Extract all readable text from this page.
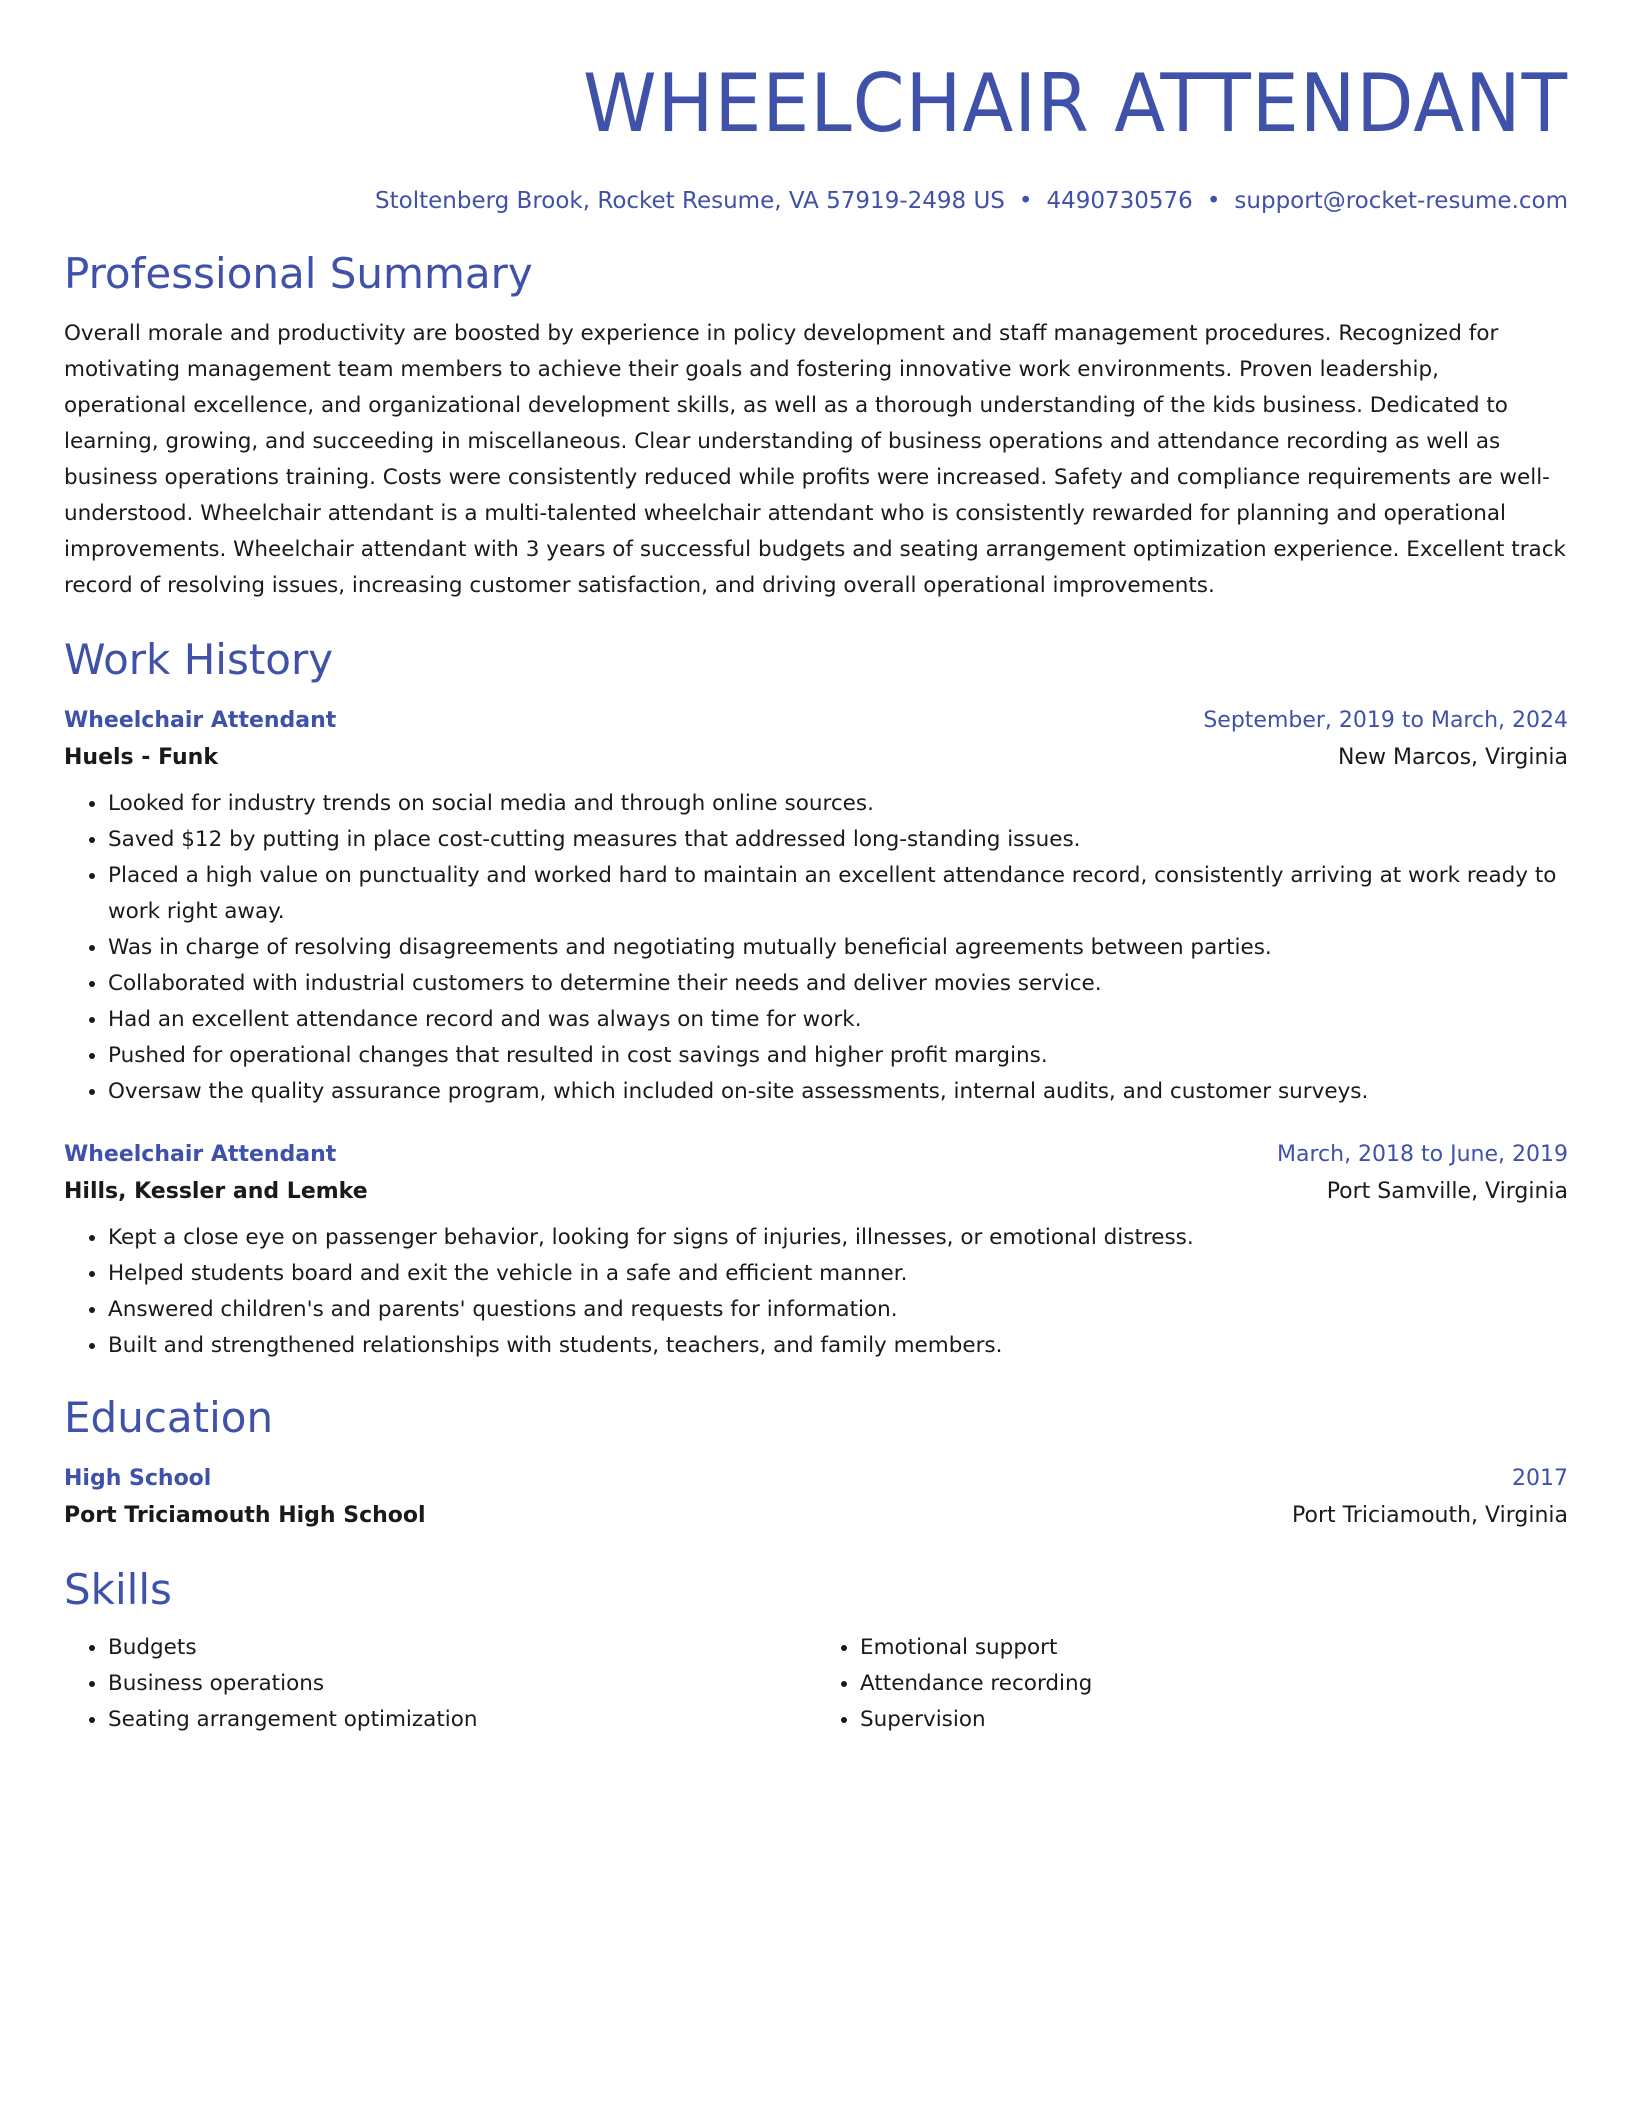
WHEELCHAIR ATTENDANT
Stoltenberg Brook, Rocket Resume, VA 57919-2498 US • 4490730576 • support@rocket-resume.com
Professional Summary
Overall morale and productivity are boosted by experience in policy development and staff management procedures. Recognized for motivating management team members to achieve their goals and fostering innovative work environments. Proven leadership, operational excellence, and organizational development skills, as well as a thorough understanding of the kids business. Dedicated to learning, growing, and succeeding in miscellaneous. Clear understanding of business operations and attendance recording as well as business operations training. Costs were consistently reduced while profits were increased. Safety and compliance requirements are well-understood. Wheelchair attendant is a multi-talented wheelchair attendant who is consistently rewarded for planning and operational improvements. Wheelchair attendant with 3 years of successful budgets and seating arrangement optimization experience. Excellent track record of resolving issues, increasing customer satisfaction, and driving overall operational improvements.
Work History
Wheelchair Attendant	September, 2019 to March, 2024
Huels - Funk	New Marcos, Virginia
• Looked for industry trends on social media and through online sources.
• Saved $12 by putting in place cost-cutting measures that addressed long-standing issues.
• Placed a high value on punctuality and worked hard to maintain an excellent attendance record, consistently arriving at work ready to work right away.
• Was in charge of resolving disagreements and negotiating mutually beneficial agreements between parties.
• Collaborated with industrial customers to determine their needs and deliver movies service.
• Had an excellent attendance record and was always on time for work.
• Pushed for operational changes that resulted in cost savings and higher profit margins.
• Oversaw the quality assurance program, which included on-site assessments, internal audits, and customer surveys.
Wheelchair Attendant	March, 2018 to June, 2019
Hills, Kessler and Lemke	Port Samville, Virginia
• Kept a close eye on passenger behavior, looking for signs of injuries, illnesses, or emotional distress.
• Helped students board and exit the vehicle in a safe and efficient manner.
• Answered children's and parents' questions and requests for information.
• Built and strengthened relationships with students, teachers, and family members.
Education
High School	2017
Port Triciamouth High School	Port Triciamouth, Virginia
Skills
• Budgets
• Business operations
• Seating arrangement optimization
• Emotional support
• Attendance recording
• Supervision
